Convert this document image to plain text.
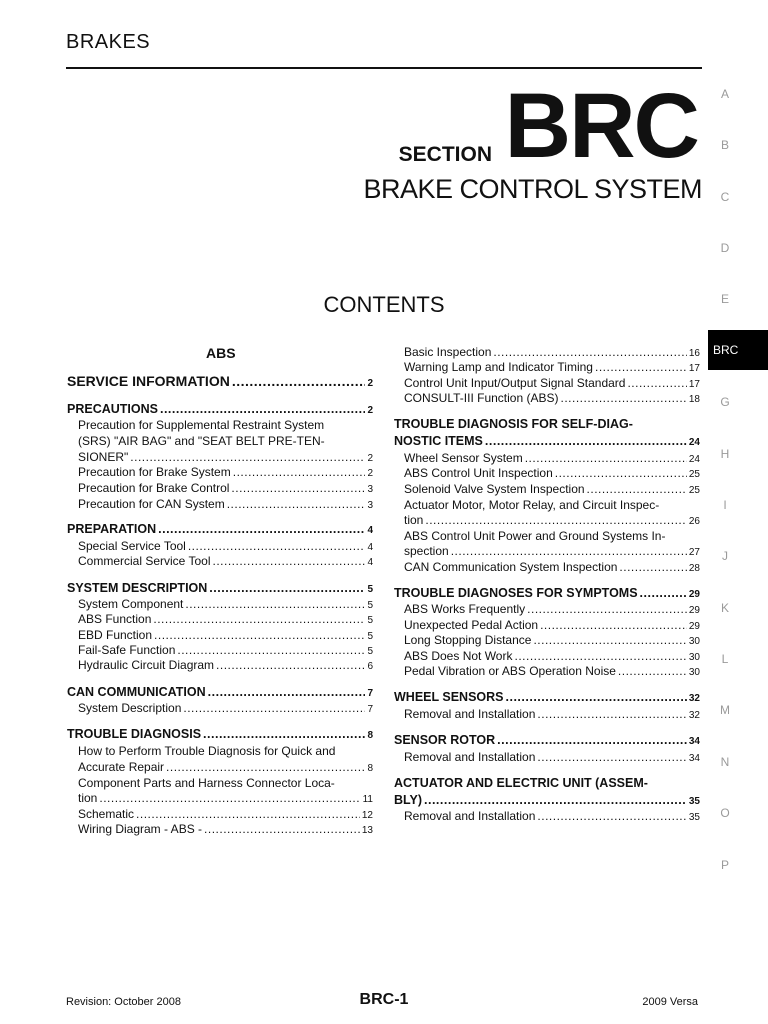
BRAKES
SECTION BRC
BRAKE CONTROL SYSTEM
CONTENTS
A
B
C
D
E
BRC
G
H
I
J
K
L
M
N
O
P
ABS
SERVICE INFORMATION .....	2
PRECAUTIONS .....	2
Precaution for Supplemental Restraint System
(SRS) "AIR BAG" and "SEAT BELT PRE-TEN-
SIONER" .....	2
Precaution for Brake System .....	2
Precaution for Brake Control .....	3
Precaution for CAN System .....	3
PREPARATION .....	4
Special Service Tool .....	4
Commercial Service Tool .....	4
SYSTEM DESCRIPTION .....	5
System Component .....	5
ABS Function .....	5
EBD Function .....	5
Fail-Safe Function .....	5
Hydraulic Circuit Diagram .....	6
CAN COMMUNICATION .....	7
System Description .....	7
TROUBLE DIAGNOSIS .....	8
How to Perform Trouble Diagnosis for Quick and
Accurate Repair .....	8
Component Parts and Harness Connector Loca-
tion .....	11
Schematic .....	12
Wiring Diagram - ABS - .....	13
Basic Inspection .....	16
Warning Lamp and Indicator Timing .....	17
Control Unit Input/Output Signal Standard .....	17
CONSULT-III Function (ABS) .....	18
TROUBLE DIAGNOSIS FOR SELF-DIAG-
NOSTIC ITEMS .....	24
Wheel Sensor System .....	24
ABS Control Unit Inspection .....	25
Solenoid Valve System Inspection .....	25
Actuator Motor, Motor Relay, and Circuit Inspec-
tion .....	26
ABS Control Unit Power and Ground Systems In-
spection .....	27
CAN Communication System Inspection .....	28
TROUBLE DIAGNOSES FOR SYMPTOMS .....	29
ABS Works Frequently .....	29
Unexpected Pedal Action .....	29
Long Stopping Distance .....	30
ABS Does Not Work .....	30
Pedal Vibration or ABS Operation Noise .....	30
WHEEL SENSORS .....	32
Removal and Installation .....	32
SENSOR ROTOR .....	34
Removal and Installation .....	34
ACTUATOR AND ELECTRIC UNIT (ASSEM-
BLY) .....	35
Removal and Installation .....	35
Revision: October 2008	BRC-1	2009 Versa
